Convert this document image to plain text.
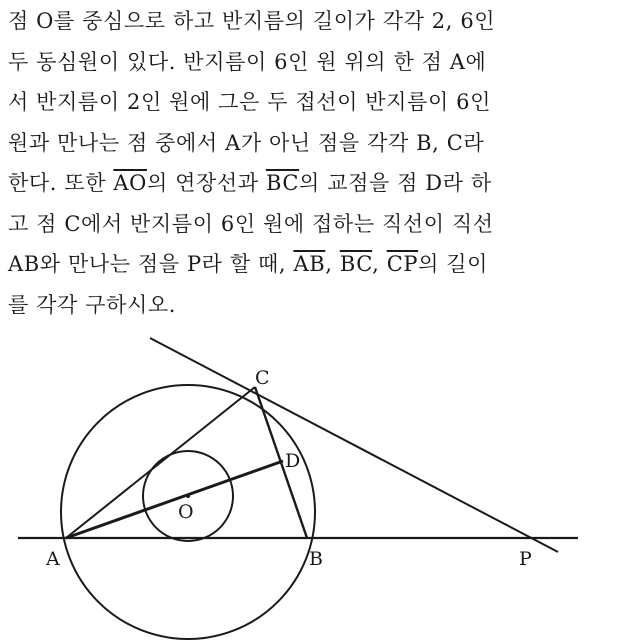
점 O를 중심으로 하고 반지름의 길이가 각각 2, 6인
두 동심원이 있다. 반지름이 6인 원 위의 한 점 A에
서 반지름이 2인 원에 그은 두 접선이 반지름이 6인
원과 만나는 점 중에서 A가 아닌 점을 각각 B, C라
한다. 또한 $\overline{AO}$의 연장선과 $\overline{BC}$의 교점을 점 D라 하
고 점 C에서 반지름이 6인 원에 접하는 직선이 직선
AB와 만나는 점을 P라 할 때, $\overline{AB}$, $\overline{BC}$, $\overline{CP}$의 길이
를 각각 구하시오.
C
D
O
A	B	P
